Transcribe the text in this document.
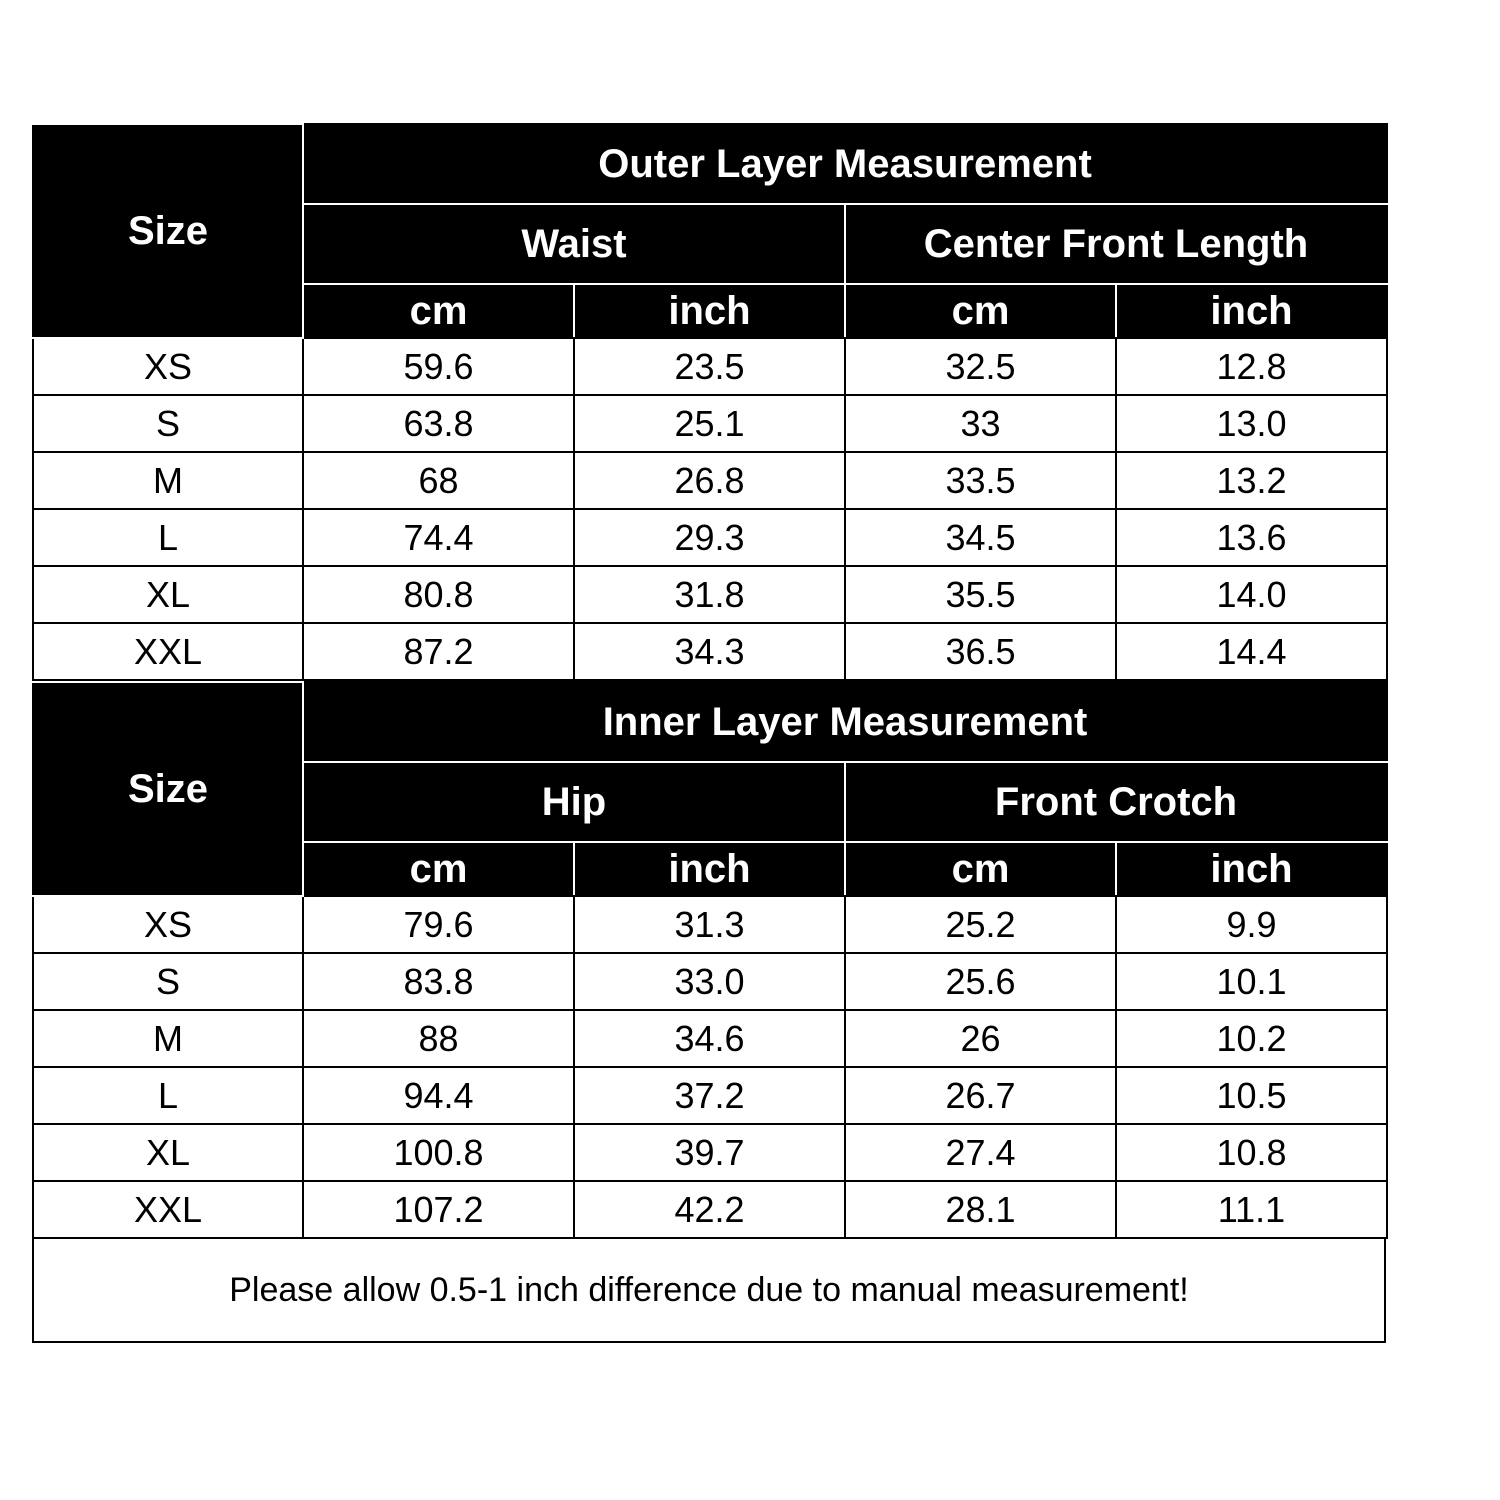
Size	Outer Layer Measurement			
	Waist		Center Front Length	
	cm	inch	cm	inch
XS	59.6	23.5	32.5	12.8
S	63.8	25.1	33	13.0
M	68	26.8	33.5	13.2
L	74.4	29.3	34.5	13.6
XL	80.8	31.8	35.5	14.0
XXL	87.2	34.3	36.5	14.4
Size	Inner Layer Measurement			
	Hip		Front Crotch	
	cm	inch	cm	inch
XS	79.6	31.3	25.2	9.9
S	83.8	33.0	25.6	10.1
M	88	34.6	26	10.2
L	94.4	37.2	26.7	10.5
XL	100.8	39.7	27.4	10.8
XXL	107.2	42.2	28.1	11.1
Please allow 0.5-1 inch difference due to manual measurement!
